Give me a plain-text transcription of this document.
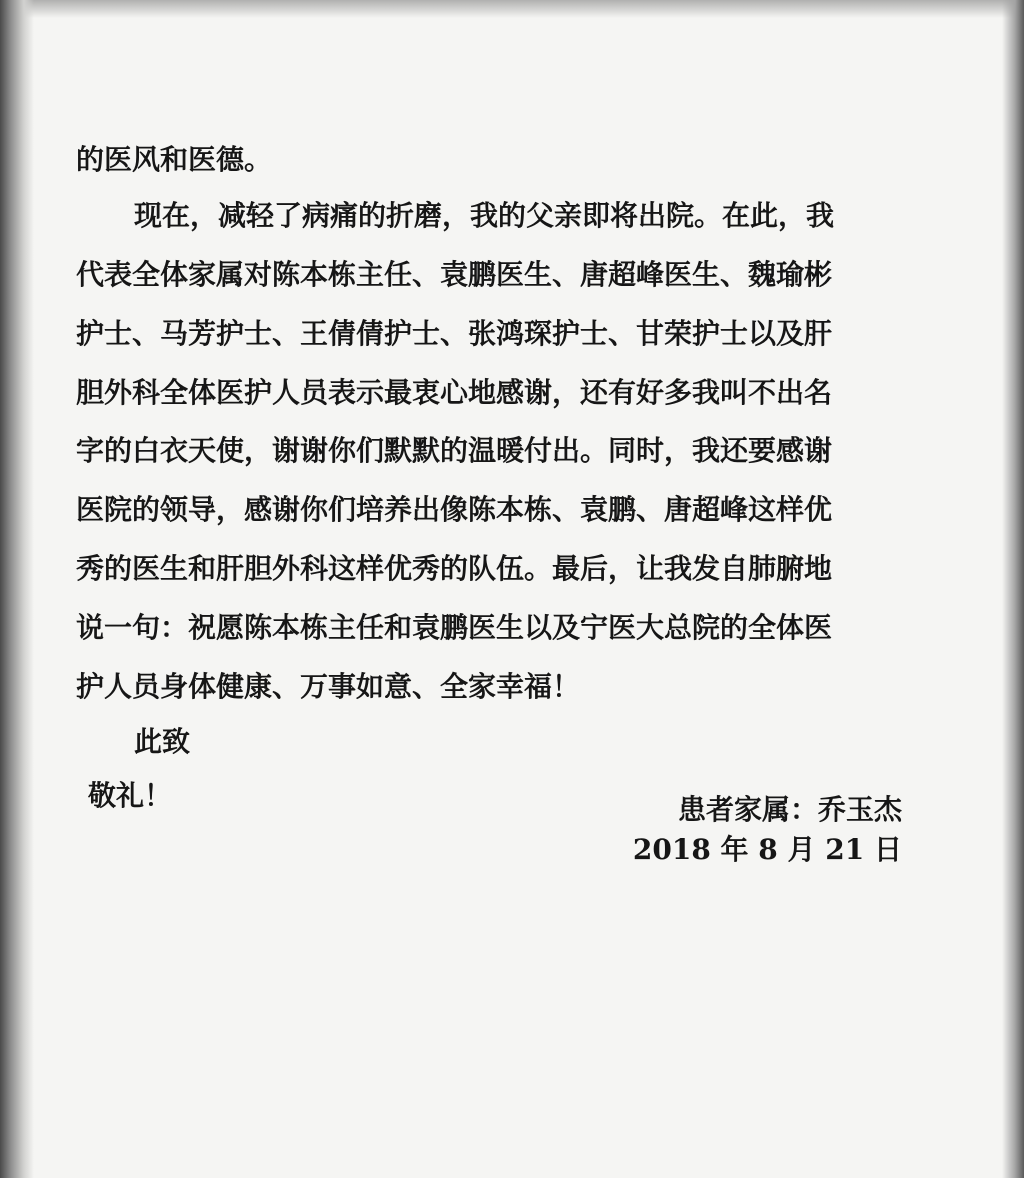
的医风和医德。
现在，减轻了病痛的折磨，我的父亲即将出院。在此，我
代表全体家属对陈本栋主任、袁鹏医生、唐超峰医生、魏瑜彬
护士、马芳护士、王倩倩护士、张鸿琛护士、甘荣护士以及肝
胆外科全体医护人员表示最衷心地感谢，还有好多我叫不出名
字的白衣天使，谢谢你们默默的温暖付出。同时，我还要感谢
医院的领导，感谢你们培养出像陈本栋、袁鹏、唐超峰这样优
秀的医生和肝胆外科这样优秀的队伍。最后，让我发自肺腑地
说一句：祝愿陈本栋主任和袁鹏医生以及宁医大总院的全体医
护人员身体健康、万事如意、全家幸福！
此致
敬礼！	患者家属：乔玉杰
2018 年 8 月 21 日
